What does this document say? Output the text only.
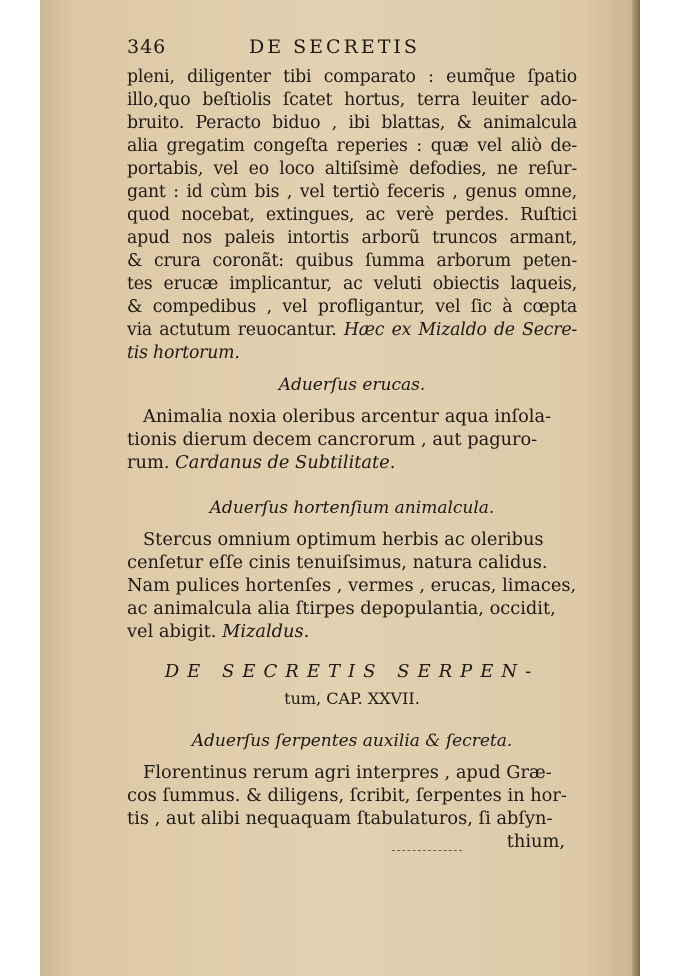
346	DE SECRETIS
pleni, diligenter tibi comparato : eumq̃ue ſpatio
illo,quo beſtiolis ſcatet hortus, terra leuiter ado-
bruito. Peracto biduo , ibi blattas, & animalcula
alia gregatim congeſta reperies : quæ vel aliò de-
portabis, vel eo loco altiſsimè defodies, ne reſur-
gant : id cùm bis , vel tertiò feceris , genus omne,
quod nocebat, extingues, ac verè perdes. Ruſtici
apud nos paleis intortis arborũ truncos armant,
& crura coronãt: quibus ſumma arborum peten-
tes erucæ implicantur, ac veluti obiectis laqueis,
& compedibus , vel profligantur, vel ſic à cœpta
via actutum reuocantur. Hæc ex Mizaldo de Secre-
tis hortorum.
Aduerſus erucas.
Animalia noxia oleribus arcentur aqua inſola-
tionis dierum decem cancrorum , aut paguro-
rum. Cardanus de Subtilitate.
Aduerſus hortenſium animalcula.
Stercus omnium optimum herbis ac oleribus
cenſetur eſſe cinis tenuiſsimus, natura calidus.
Nam pulices hortenſes , vermes , erucas, limaces,
ac animalcula alia ſtirpes depopulantia, occidit,
vel abigit. Mizaldus.
DE SECRETIS SERPEN-
tum, CAP. XXVII.
Aduerſus ſerpentes auxilia & ſecreta.
Florentinus rerum agri interpres , apud Græ-
cos ſummus. & diligens, ſcribit, ſerpentes in hor-
tis , aut alibi nequaquam ſtabulaturos, ſi abſyn-
thium,
